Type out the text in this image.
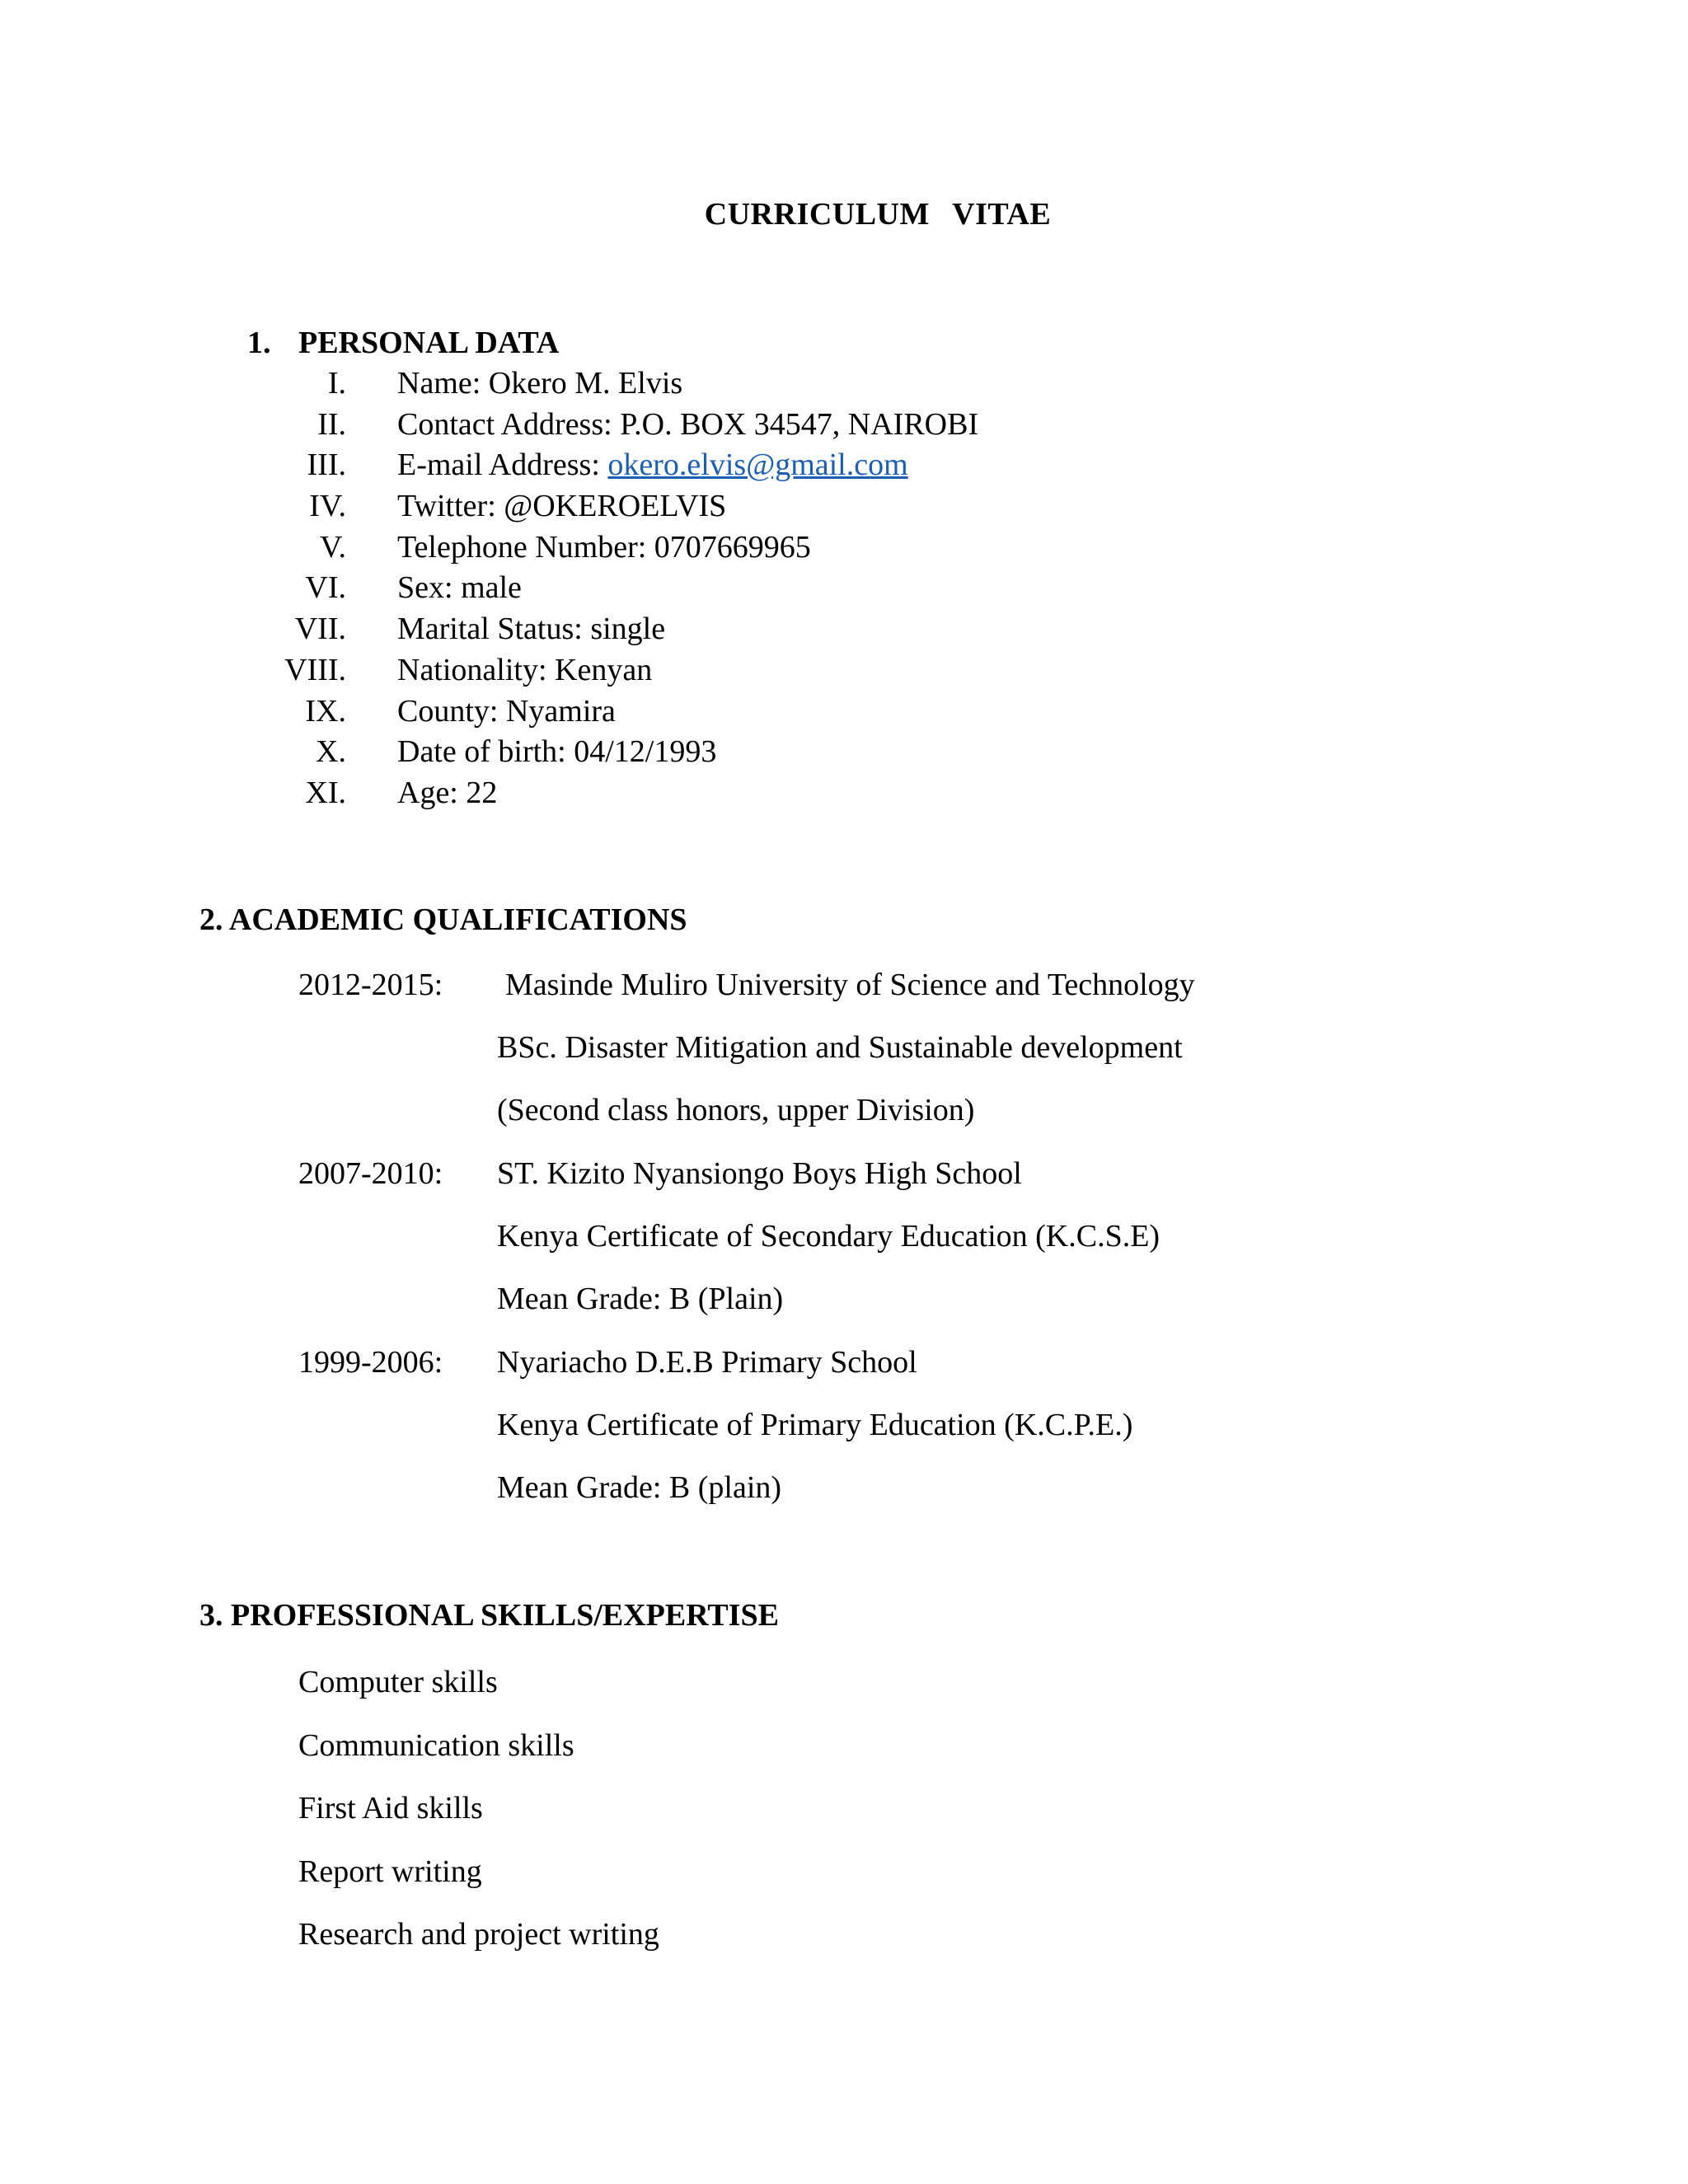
CURRICULUM VITAE
1. PERSONAL DATA
I. Name: Okero M. Elvis
II. Contact Address: P.O. BOX 34547, NAIROBI
III. E-mail Address: okero.elvis@gmail.com
IV. Twitter: @OKEROELVIS
V. Telephone Number: 0707669965
VI. Sex: male
VII. Marital Status: single
VIII. Nationality: Kenyan
IX. County: Nyamira
X. Date of birth: 04/12/1993
XI. Age: 22
2. ACADEMIC QUALIFICATIONS
2012-2015: Masinde Muliro University of Science and Technology
BSc. Disaster Mitigation and Sustainable development
(Second class honors, upper Division)
2007-2010: ST. Kizito Nyansiongo Boys High School
Kenya Certificate of Secondary Education (K.C.S.E)
Mean Grade: B (Plain)
1999-2006: Nyariacho D.E.B Primary School
Kenya Certificate of Primary Education (K.C.P.E.)
Mean Grade: B (plain)
3. PROFESSIONAL SKILLS/EXPERTISE
Computer skills
Communication skills
First Aid skills
Report writing
Research and project writing
